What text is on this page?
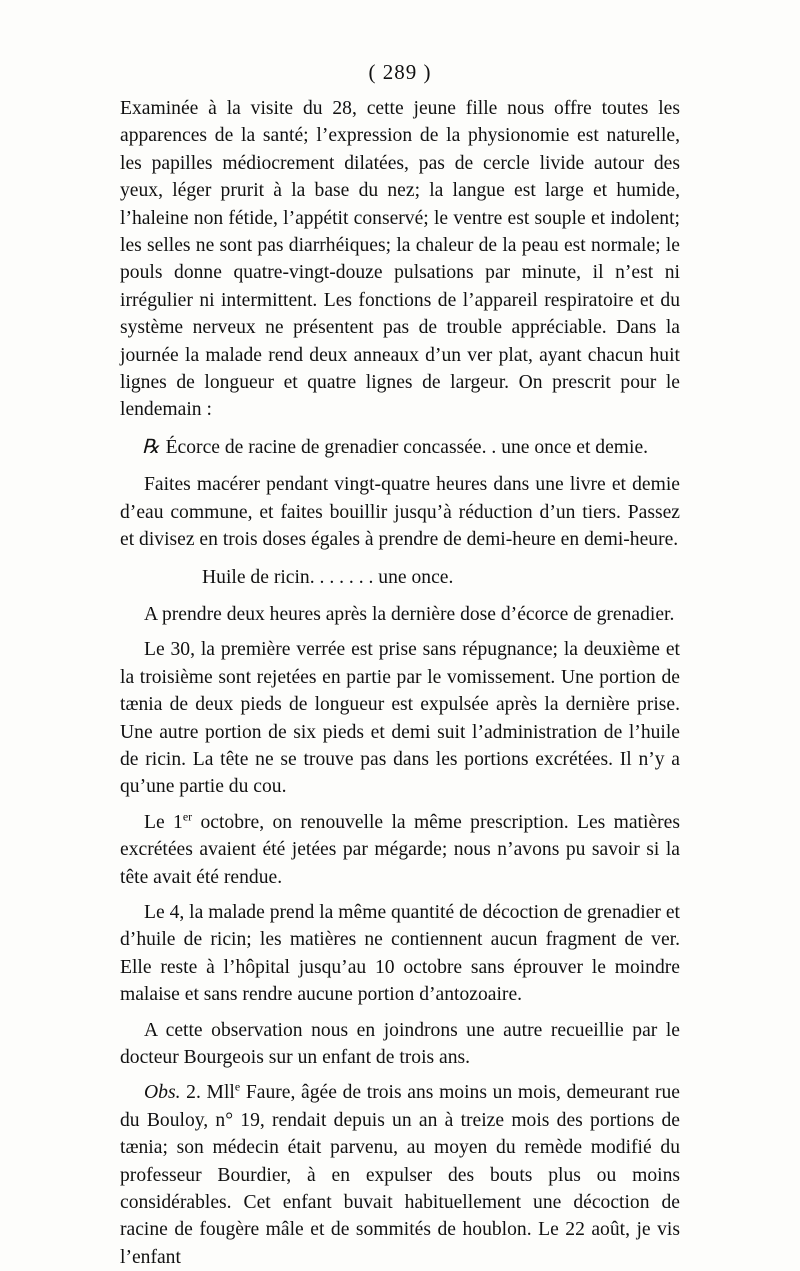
( 289 )

Examinée à la visite du 28, cette jeune fille nous offre toutes les apparences de la santé; l’expression de la physionomie est naturelle, les papilles médiocrement dilatées, pas de cercle livide autour des yeux, léger prurit à la base du nez; la langue est large et humide, l’haleine non fétide, l’appétit conservé; le ventre est souple et indolent; les selles ne sont pas diarrhéiques; la chaleur de la peau est normale; le pouls donne quatre-vingt-douze pulsations par minute, il n’est ni irrégulier ni intermittent. Les fonctions de l’appareil respiratoire et du système nerveux ne présentent pas de trouble appréciable. Dans la journée la malade rend deux anneaux d’un ver plat, ayant chacun huit lignes de longueur et quatre lignes de largeur. On prescrit pour le lendemain :

℞ Écorce de racine de grenadier concassée. . une once et demie.

Faites macérer pendant vingt-quatre heures dans une livre et demie d’eau commune, et faites bouillir jusqu’à réduction d’un tiers. Passez et divisez en trois doses égales à prendre de demi-heure en demi-heure.

Huile de ricin. . . . . . . une once.

A prendre deux heures après la dernière dose d’écorce de grenadier.

Le 30, la première verrée est prise sans répugnance; la deuxième et la troisième sont rejetées en partie par le vomissement. Une portion de tænia de deux pieds de longueur est expulsée après la dernière prise. Une autre portion de six pieds et demi suit l’administration de l’huile de ricin. La tête ne se trouve pas dans les portions excrétées. Il n’y a qu’une partie du cou.

Le 1er octobre, on renouvelle la même prescription. Les matières excrétées avaient été jetées par mégarde; nous n’avons pu savoir si la tête avait été rendue.

Le 4, la malade prend la même quantité de décoction de grenadier et d’huile de ricin; les matières ne contiennent aucun fragment de ver. Elle reste à l’hôpital jusqu’au 10 octobre sans éprouver le moindre malaise et sans rendre aucune portion d’antozoaire.

A cette observation nous en joindrons une autre recueillie par le docteur Bourgeois sur un enfant de trois ans.

Obs. 2. Mll$^e$ Faure, âgée de trois ans moins un mois, demeurant rue du Bouloy, n° 19, rendait depuis un an à treize mois des portions de tænia; son médecin était parvenu, au moyen du remède modifié du professeur Bourdier, à en expulser des bouts plus ou moins considérables. Cet enfant buvait habituellement une décoction de racine de fougère mâle et de sommités de houblon. Le 22 août, je vis l’enfant
